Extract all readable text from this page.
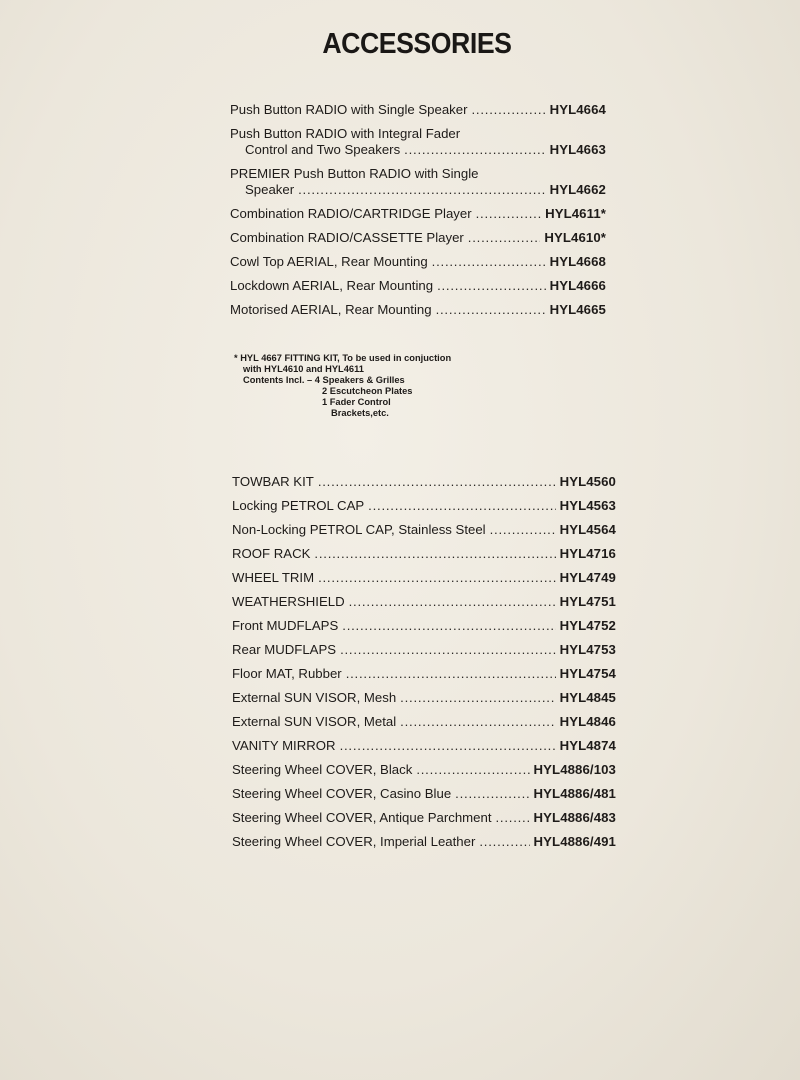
ACCESSORIES
Push Button RADIO with Single Speaker . . .	HYL4664
Push Button RADIO with Integral Fader
Control and Two Speakers . . .	HYL4663
PREMIER Push Button RADIO with Single
Speaker . . .	HYL4662
Combination RADIO/CARTRIDGE Player . . .	HYL4611*
Combination RADIO/CASSETTE Player . . .	HYL4610*
Cowl Top AERIAL, Rear Mounting . . .	HYL4668
Lockdown AERIAL, Rear Mounting . . .	HYL4666
Motorised AERIAL, Rear Mounting . . .	HYL4665
* HYL 4667 FITTING KIT, To be used in conjuction
with HYL4610 and HYL4611
Contents Incl. – 4 Speakers & Grilles
2 Escutcheon Plates
1 Fader Control
Brackets,etc.
TOWBAR KIT . . .	HYL4560
Locking PETROL CAP . . .	HYL4563
Non-Locking PETROL CAP, Stainless Steel . . .	HYL4564
ROOF RACK . . .	HYL4716
WHEEL TRIM . . .	HYL4749
WEATHERSHIELD . . .	HYL4751
Front MUDFLAPS . . .	HYL4752
Rear MUDFLAPS . . .	HYL4753
Floor MAT, Rubber . . .	HYL4754
External SUN VISOR, Mesh . . .	HYL4845
External SUN VISOR, Metal . . .	HYL4846
VANITY MIRROR . . .	HYL4874
Steering Wheel COVER, Black . . .	HYL4886/103
Steering Wheel COVER, Casino Blue . . .	HYL4886/481
Steering Wheel COVER, Antique Parchment . . .	HYL4886/483
Steering Wheel COVER, Imperial Leather . . .	HYL4886/491
